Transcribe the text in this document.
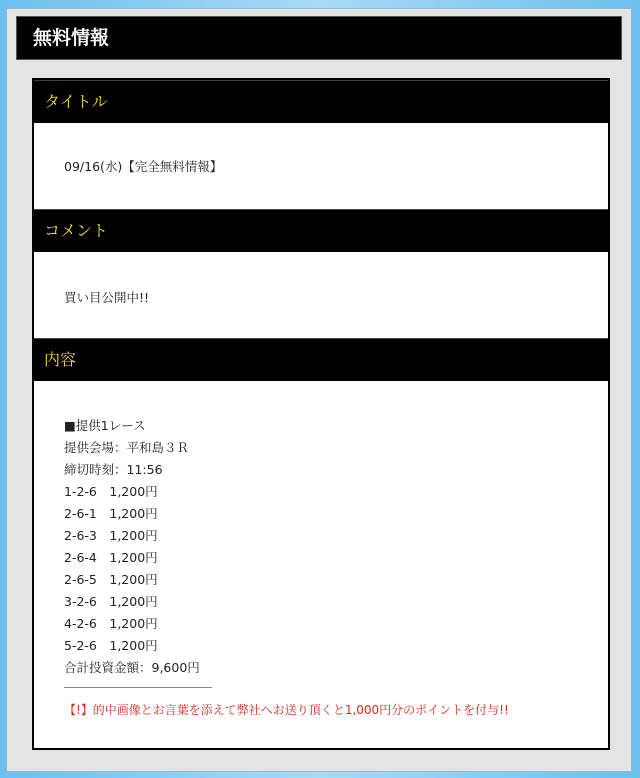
無料情報
タイトル
09/16(水)【完全無料情報】
コメント
買い目公開中!!
内容
■提供1レース
提供会場：平和島３Ｒ
締切時刻：11:56
1-2-6　1,200円
2-6-1　1,200円
2-6-3　1,200円
2-6-4　1,200円
2-6-5　1,200円
3-2-6　1,200円
4-2-6　1,200円
5-2-6　1,200円
合計投資金額：9,600円
【!】的中画像とお言葉を添えて弊社へお送り頂くと1,000円分のポイントを付与!!
